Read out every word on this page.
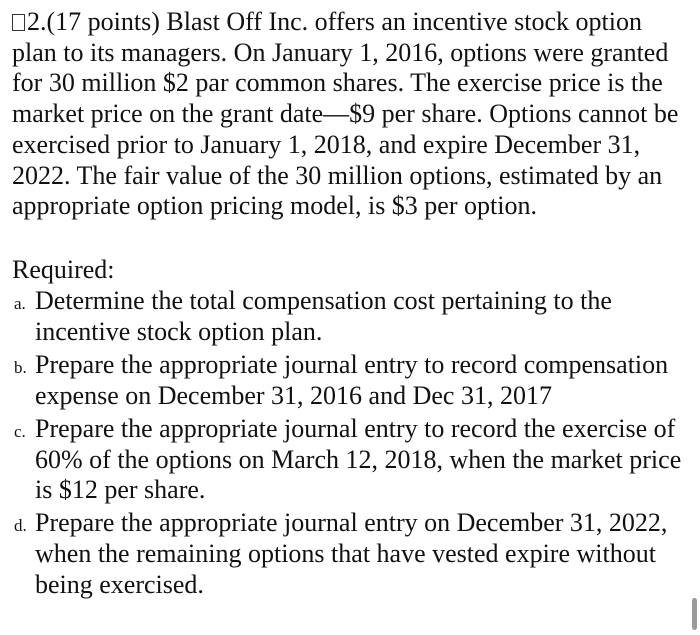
2.(17 points) Blast Off Inc. offers an incentive stock option plan to its managers. On January 1, 2016, options were granted for 30 million $2 par common shares. The exercise price is the market price on the grant date—$9 per share. Options cannot be exercised prior to January 1, 2018, and expire December 31, 2022. The fair value of the 30 million options, estimated by an appropriate option pricing model, is $3 per option.

Required:

a. Determine the total compensation cost pertaining to the incentive stock option plan.
b. Prepare the appropriate journal entry to record compensation expense on December 31, 2016 and Dec 31, 2017
c. Prepare the appropriate journal entry to record the exercise of 60% of the options on March 12, 2018, when the market price is $12 per share.
d. Prepare the appropriate journal entry on December 31, 2022, when the remaining options that have vested expire without being exercised.
